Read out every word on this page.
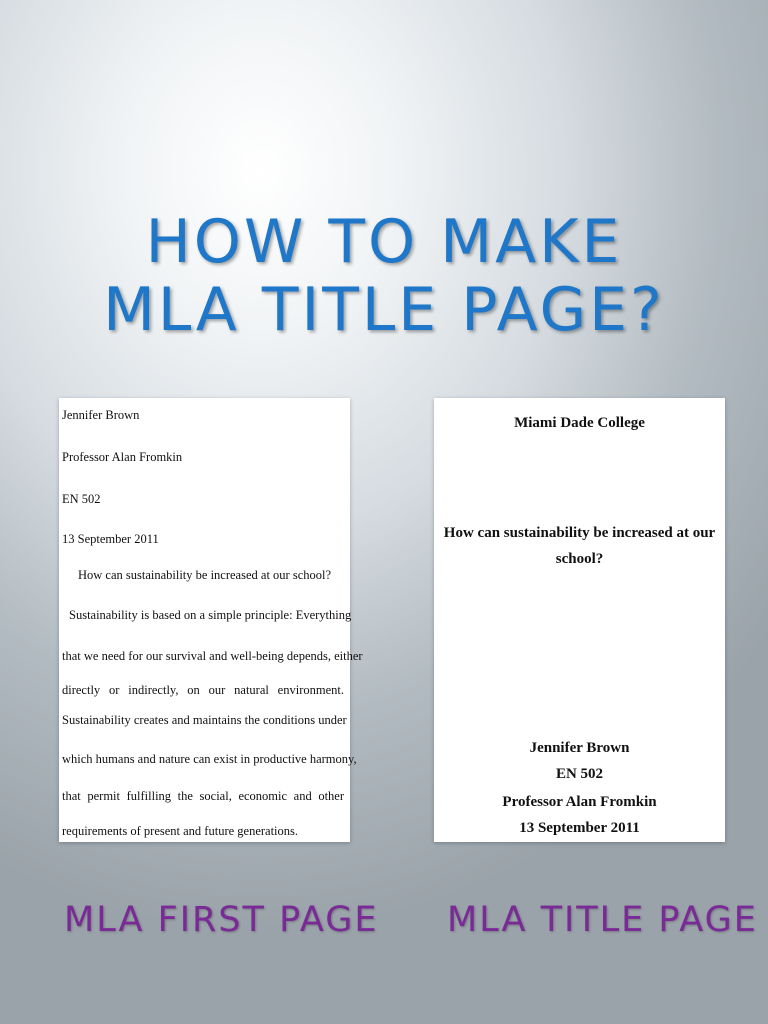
HOW TO MAKE
MLA TITLE PAGE?

Jennifer Brown

Professor Alan Fromkin

EN 502

13 September 2011

How can sustainability be increased at our school?

Sustainability is based on a simple principle: Everything

that we need for our survival and well-being depends, either

directly or indirectly, on our natural environment.

Sustainability creates and maintains the conditions under

which humans and nature can exist in productive harmony,

that permit fulfilling the social, economic and other

requirements of present and future generations.

Miami Dade College

How can sustainability be increased at our

school?

Jennifer Brown

EN 502

Professor Alan Fromkin

13 September 2011

MLA FIRST PAGE MLA TITLE PAGE
